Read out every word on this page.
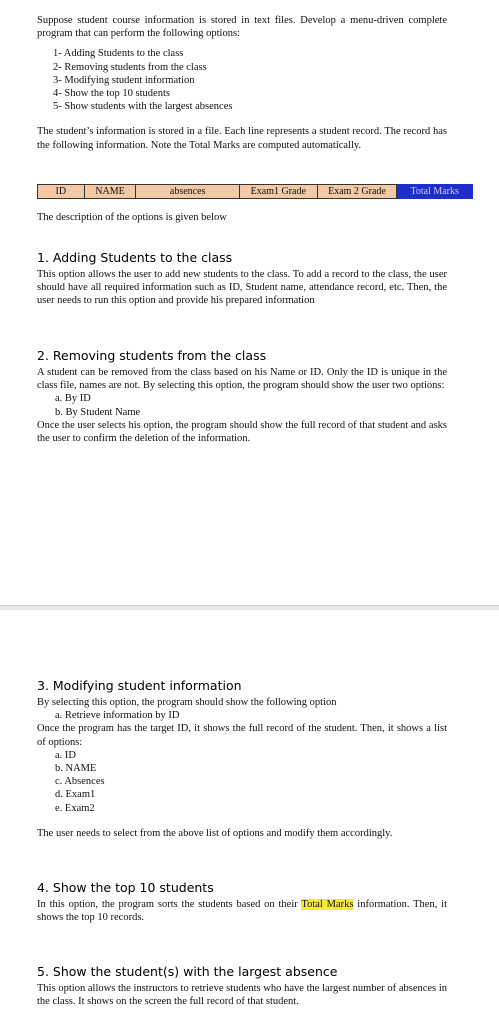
Suppose student course information is stored in text files. Develop a menu-driven complete program that can perform the following options:

1- Adding Students to the class
2- Removing students from the class
3- Modifying student information
4- Show the top 10 students
5- Show students with the largest absences

The student’s information is stored in a file. Each line represents a student record. The record has the following information. Note the Total Marks are computed automatically.

ID	NAME	absences	Exam1 Grade	Exam 2 Grade	Total Marks

The description of the options is given below

1. Adding Students to the class

This option allows the user to add new students to the class. To add a record to the class, the user should have all required information such as ID, Student name, attendance record, etc. Then, the user needs to run this option and provide his prepared information

2. Removing students from the class

A student can be removed from the class based on his Name or ID. Only the ID is unique in the class file, names are not. By selecting this option, the program should show the user two options:

a. By ID
b. By Student Name

Once the user selects his option, the program should show the full record of that student and asks the user to confirm the deletion of the information.

3. Modifying student information

By selecting this option, the program should show the following option

a. Retrieve information by ID

Once the program has the target ID, it shows the full record of the student. Then, it shows a list of options:

a. ID
b. NAME
c. Absences
d. Exam1
e. Exam2

The user needs to select from the above list of options and modify them accordingly.

4. Show the top 10 students

In this option, the program sorts the students based on their Total Marks information. Then, it shows the top 10 records.

5. Show the student(s) with the largest absence

This option allows the instructors to retrieve students who have the largest number of absences in the class. It shows on the screen the full record of that student.
